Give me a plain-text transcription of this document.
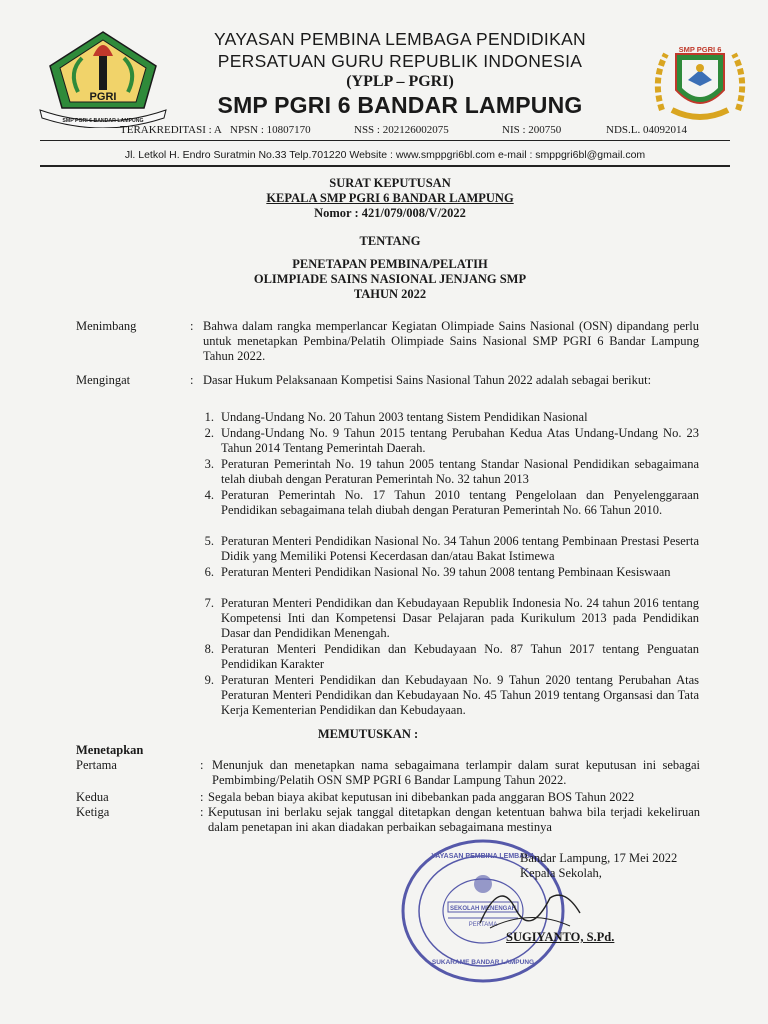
PGRI
SMP PGRI 6 BANDAR LAMPUNG
SMP PGRI 6
YAYASAN PEMBINA LEMBAGA PENDIDIKAN
PERSATUAN GURU REPUBLIK INDONESIA
(YPLP – PGRI)
SMP PGRI 6 BANDAR LAMPUNG
TERAKREDITASI : A NPSN : 10807170	NSS : 202126002075	NIS : 200750	NDS.L. 04092014
Jl. Letkol H. Endro Suratmin No.33 Telp.701220 Website : www.smppgri6bl.com e-mail : smppgri6bl@gmail.com
SURAT KEPUTUSAN
KEPALA SMP PGRI 6 BANDAR LAMPUNG
Nomor : 421/079/008/V/2022
TENTANG
PENETAPAN PEMBINA/PELATIH
OLIMPIADE SAINS NASIONAL JENJANG SMP
TAHUN 2022
Menimbang	: Bahwa dalam rangka memperlancar Kegiatan Olimpiade Sains Nasional (OSN) dipandang perlu untuk menetapkan Pembina/Pelatih Olimpiade Sains Nasional SMP PGRI 6 Bandar Lampung Tahun 2022.
Mengingat	: Dasar Hukum Pelaksanaan Kompetisi Sains Nasional Tahun 2022 adalah sebagai berikut:
1. Undang-Undang No. 20 Tahun 2003 tentang Sistem Pendidikan Nasional
2. Undang-Undang No. 9 Tahun 2015 tentang Perubahan Kedua Atas Undang-Undang No. 23 Tahun 2014 Tentang Pemerintah Daerah.
3. Peraturan Pemerintah No. 19 tahun 2005 tentang Standar Nasional Pendidikan sebagaimana telah diubah dengan Peraturan Pemerintah No. 32 tahun 2013
4. Peraturan Pemerintah No. 17 Tahun 2010 tentang Pengelolaan dan Penyelenggaraan Pendidikan sebagaimana telah diubah dengan Peraturan Pemerintah No. 66 Tahun 2010.
5. Peraturan Menteri Pendidikan Nasional No. 34 Tahun 2006 tentang Pembinaan Prestasi Peserta Didik yang Memiliki Potensi Kecerdasan dan/atau Bakat Istimewa
6. Peraturan Menteri Pendidikan Nasional No. 39 tahun 2008 tentang Pembinaan Kesiswaan
7. Peraturan Menteri Pendidikan dan Kebudayaan Republik Indonesia No. 24 tahun 2016 tentang Kompetensi Inti dan Kompetensi Dasar Pelajaran pada Kurikulum 2013 pada Pendidikan Dasar dan Pendidikan Menengah.
8. Peraturan Menteri Pendidikan dan Kebudayaan No. 87 Tahun 2017 tentang Penguatan Pendidikan Karakter
9. Peraturan Menteri Pendidikan dan Kebudayaan No. 9 Tahun 2020 tentang Perubahan Atas Peraturan Menteri Pendidikan dan Kebudayaan No. 45 Tahun 2019 tentang Organsasi dan Tata Kerja Kementerian Pendidikan dan Kebudayaan.
MEMUTUSKAN :
Menetapkan
Pertama	: Menunjuk dan menetapkan nama sebagaimana terlampir dalam surat keputusan ini sebagai Pembimbing/Pelatih OSN SMP PGRI 6 Bandar Lampung Tahun 2022.
Kedua	: Segala beban biaya akibat keputusan ini dibebankan pada anggaran BOS Tahun 2022
Ketiga	: Keputusan ini berlaku sejak tanggal ditetapkan dengan ketentuan bahwa bila terjadi kekeliruan dalam penetapan ini akan diadakan perbaikan sebagaimana mestinya
YAYASAN PEMBINA LEMBAGA
SEKOLAH MENENGAH
PERTAMA
SUKARAME BANDAR LAMPUNG
Bandar Lampung, 17 Mei 2022
Kepala Sekolah,
SUGIYANTO, S.Pd.
